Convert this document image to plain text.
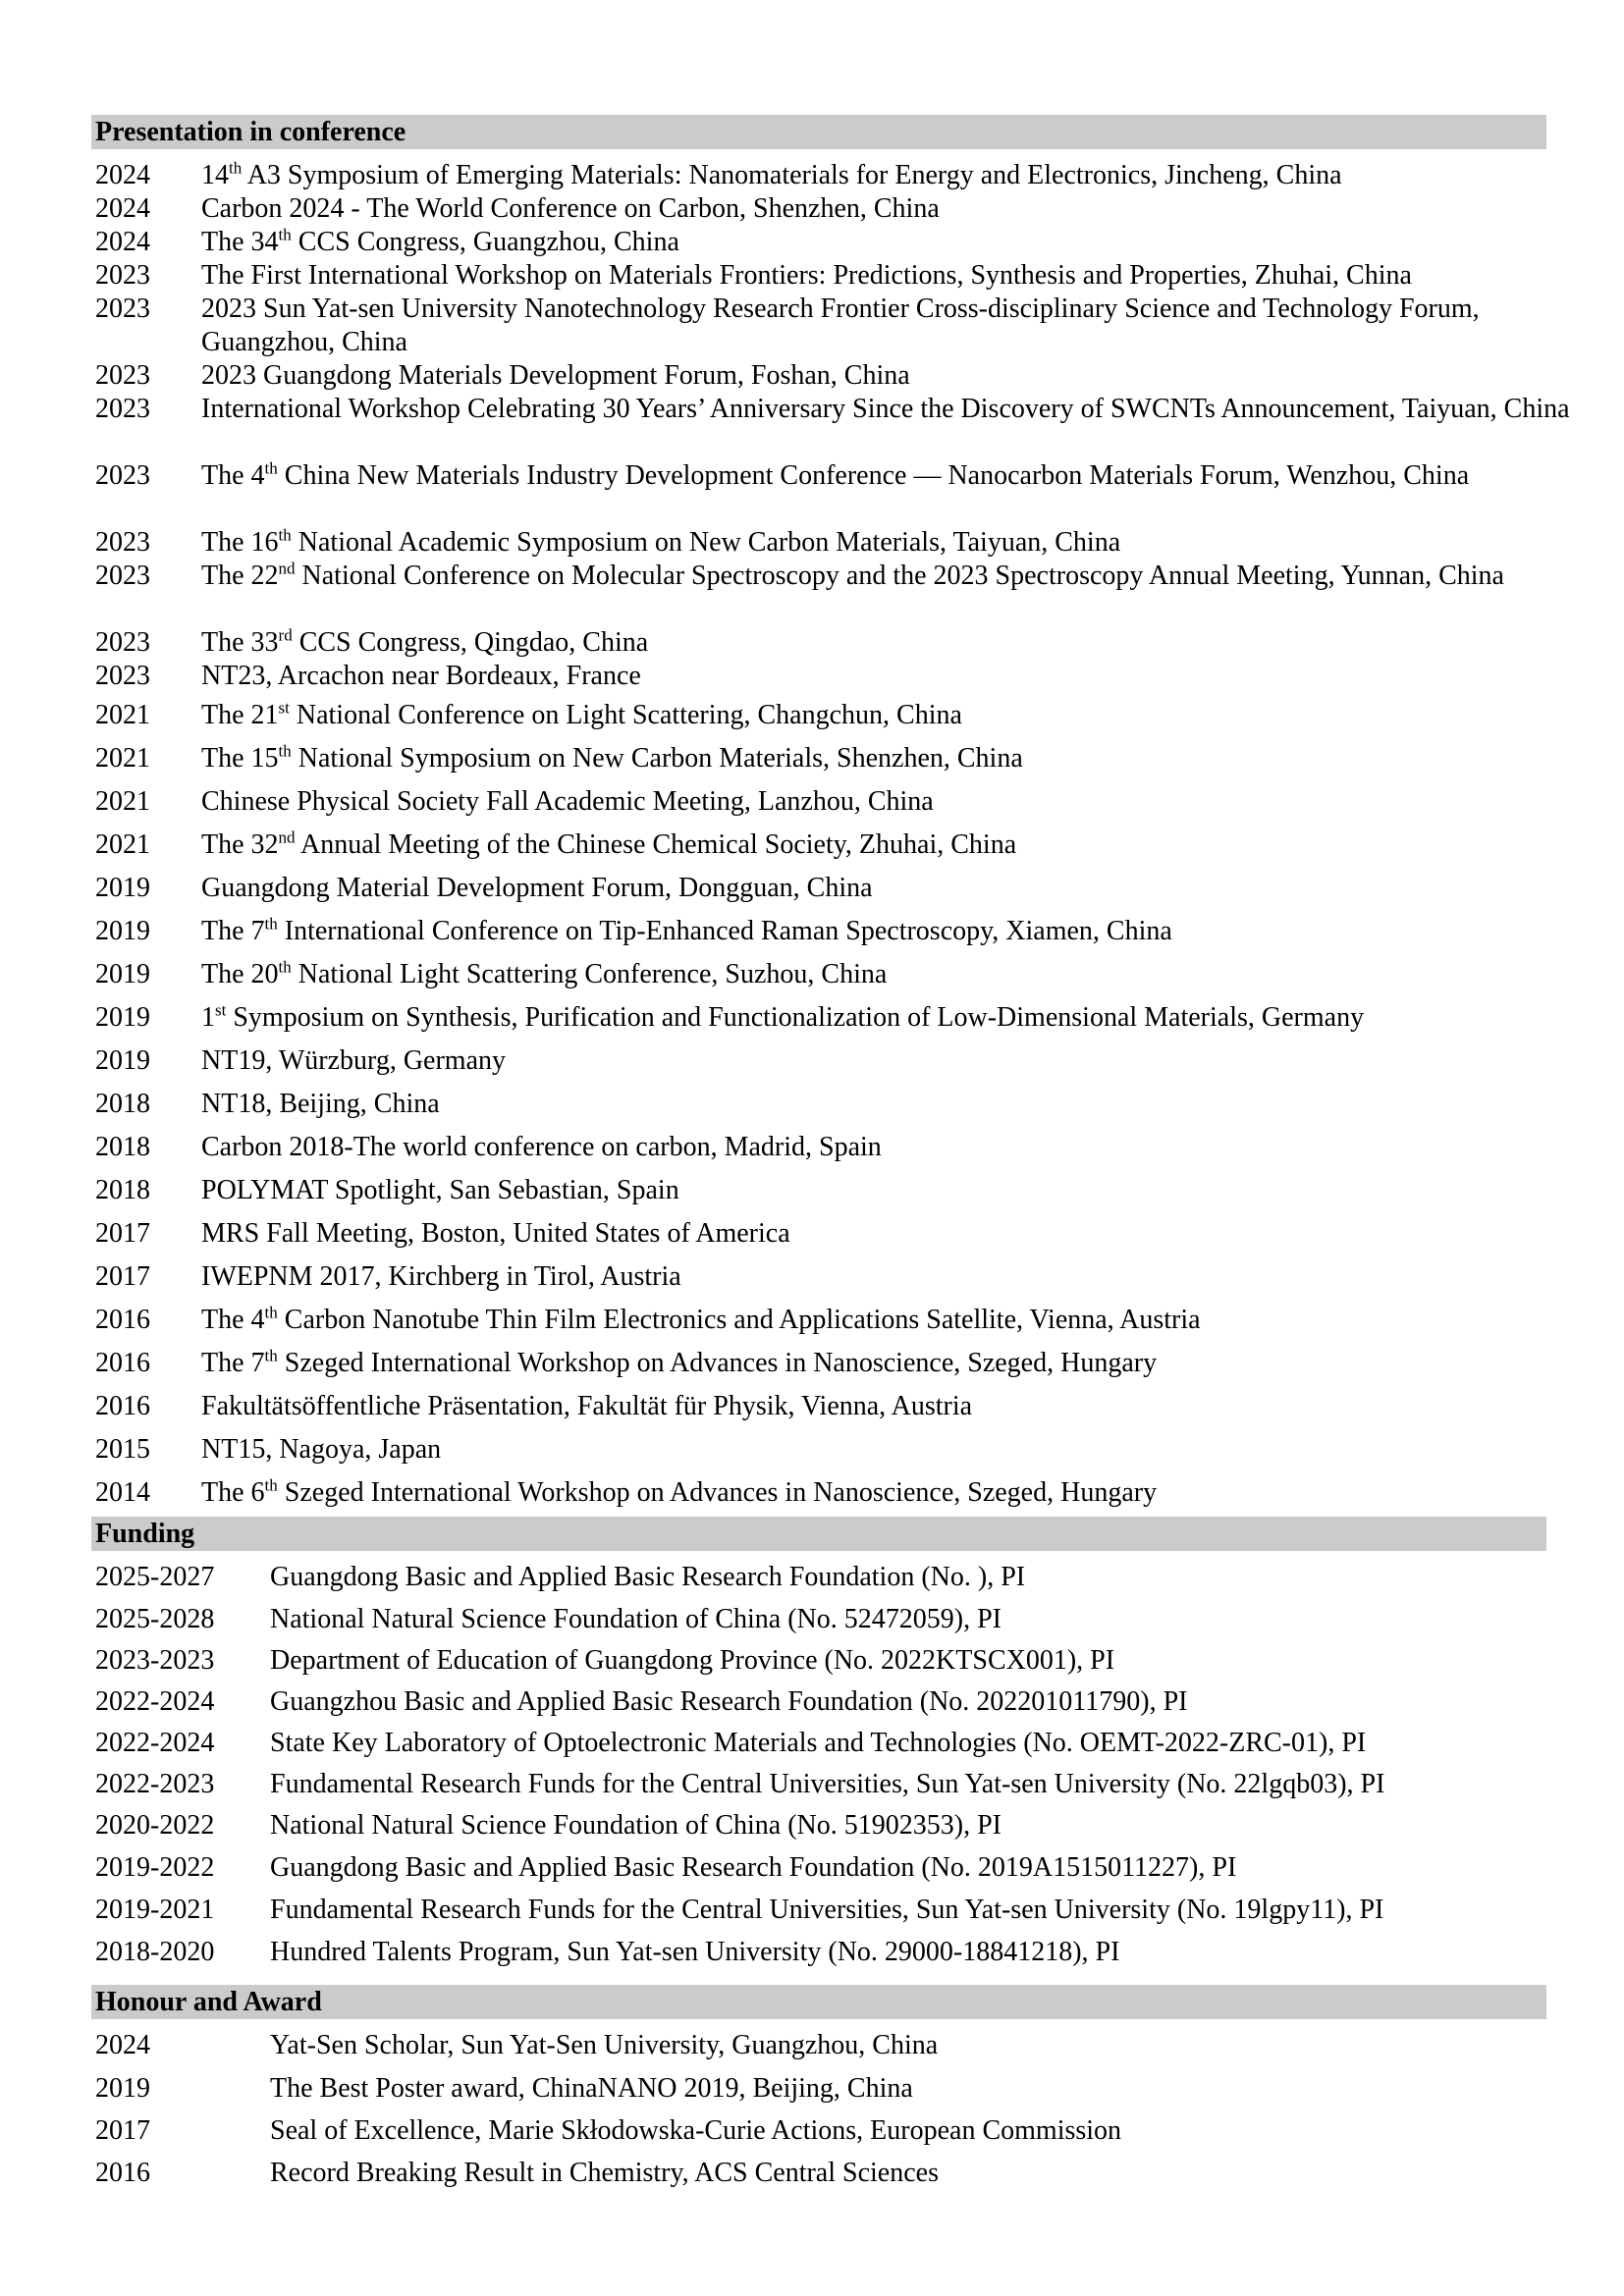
Presentation in conference
2024 14th A3 Symposium of Emerging Materials: Nanomaterials for Energy and Electronics, Jincheng, China
2024 Carbon 2024 - The World Conference on Carbon, Shenzhen, China
2024 The 34th CCS Congress, Guangzhou, China
2023 The First International Workshop on Materials Frontiers: Predictions, Synthesis and Properties, Zhuhai, China
2023 2023 Sun Yat-sen University Nanotechnology Research Frontier Cross-disciplinary Science and Technology Forum, Guangzhou, China
2023 2023 Guangdong Materials Development Forum, Foshan, China
2023 International Workshop Celebrating 30 Years’ Anniversary Since the Discovery of SWCNTs Announcement, Taiyuan, China
2023 The 4th China New Materials Industry Development Conference — Nanocarbon Materials Forum, Wenzhou, China
2023 The 16th National Academic Symposium on New Carbon Materials, Taiyuan, China
2023 The 22nd National Conference on Molecular Spectroscopy and the 2023 Spectroscopy Annual Meeting, Yunnan, China
2023 The 33rd CCS Congress, Qingdao, China
2023 NT23, Arcachon near Bordeaux, France
2021 The 21st National Conference on Light Scattering, Changchun, China
2021 The 15th National Symposium on New Carbon Materials, Shenzhen, China
2021 Chinese Physical Society Fall Academic Meeting, Lanzhou, China
2021 The 32nd Annual Meeting of the Chinese Chemical Society, Zhuhai, China
2019 Guangdong Material Development Forum, Dongguan, China
2019 The 7th International Conference on Tip-Enhanced Raman Spectroscopy, Xiamen, China
2019 The 20th National Light Scattering Conference, Suzhou, China
2019 1st Symposium on Synthesis, Purification and Functionalization of Low-Dimensional Materials, Germany
2019 NT19, Würzburg, Germany
2018 NT18, Beijing, China
2018 Carbon 2018-The world conference on carbon, Madrid, Spain
2018 POLYMAT Spotlight, San Sebastian, Spain
2017 MRS Fall Meeting, Boston, United States of America
2017 IWEPNM 2017, Kirchberg in Tirol, Austria
2016 The 4th Carbon Nanotube Thin Film Electronics and Applications Satellite, Vienna, Austria
2016 The 7th Szeged International Workshop on Advances in Nanoscience, Szeged, Hungary
2016 Fakultätsöffentliche Präsentation, Fakultät für Physik, Vienna, Austria
2015 NT15, Nagoya, Japan
2014 The 6th Szeged International Workshop on Advances in Nanoscience, Szeged, Hungary
Funding
2025-2027 Guangdong Basic and Applied Basic Research Foundation (No. ), PI
2025-2028 National Natural Science Foundation of China (No. 52472059), PI
2023-2023 Department of Education of Guangdong Province (No. 2022KTSCX001), PI
2022-2024 Guangzhou Basic and Applied Basic Research Foundation (No. 202201011790), PI
2022-2024 State Key Laboratory of Optoelectronic Materials and Technologies (No. OEMT-2022-ZRC-01), PI
2022-2023 Fundamental Research Funds for the Central Universities, Sun Yat-sen University (No. 22lgqb03), PI
2020-2022 National Natural Science Foundation of China (No. 51902353), PI
2019-2022 Guangdong Basic and Applied Basic Research Foundation (No. 2019A1515011227), PI
2019-2021 Fundamental Research Funds for the Central Universities, Sun Yat-sen University (No. 19lgpy11), PI
2018-2020 Hundred Talents Program, Sun Yat-sen University (No. 29000-18841218), PI
Honour and Award
2024	Yat-Sen Scholar, Sun Yat-Sen University, Guangzhou, China
2019	The Best Poster award, ChinaNANO 2019, Beijing, China
2017	Seal of Excellence, Marie Skłodowska-Curie Actions, European Commission
2016	Record Breaking Result in Chemistry, ACS Central Sciences
